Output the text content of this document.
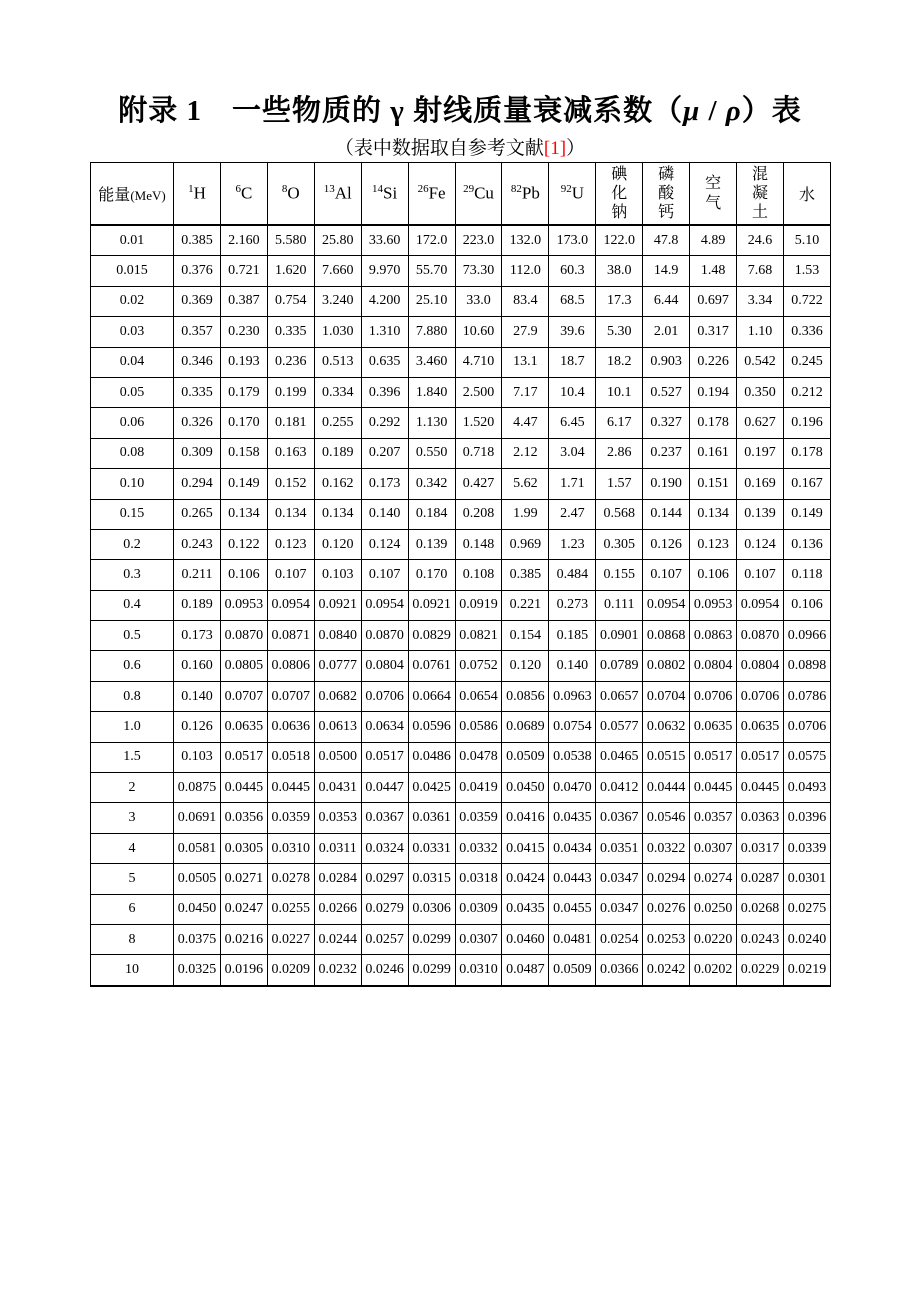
附录 1　一些物质的 γ 射线质量衰减系数（μ / ρ）表
（表中数据取自参考文献[1]）
能量(MeV)	$^1$H	$^6$C	$^8$O	$^{13}$Al	$^{14}$Si	$^{26}$Fe	$^{29}$Cu	$^{82}$Pb	$^{92}$U	碘化钠	磷酸钙	空气	混凝土	水
0.01	0.385	2.160	5.580	25.80	33.60	172.0	223.0	132.0	173.0	122.0	47.8	4.89	24.6	5.10
0.015	0.376	0.721	1.620	7.660	9.970	55.70	73.30	112.0	60.3	38.0	14.9	1.48	7.68	1.53
0.02	0.369	0.387	0.754	3.240	4.200	25.10	33.0	83.4	68.5	17.3	6.44	0.697	3.34	0.722
0.03	0.357	0.230	0.335	1.030	1.310	7.880	10.60	27.9	39.6	5.30	2.01	0.317	1.10	0.336
0.04	0.346	0.193	0.236	0.513	0.635	3.460	4.710	13.1	18.7	18.2	0.903	0.226	0.542	0.245
0.05	0.335	0.179	0.199	0.334	0.396	1.840	2.500	7.17	10.4	10.1	0.527	0.194	0.350	0.212
0.06	0.326	0.170	0.181	0.255	0.292	1.130	1.520	4.47	6.45	6.17	0.327	0.178	0.627	0.196
0.08	0.309	0.158	0.163	0.189	0.207	0.550	0.718	2.12	3.04	2.86	0.237	0.161	0.197	0.178
0.10	0.294	0.149	0.152	0.162	0.173	0.342	0.427	5.62	1.71	1.57	0.190	0.151	0.169	0.167
0.15	0.265	0.134	0.134	0.134	0.140	0.184	0.208	1.99	2.47	0.568	0.144	0.134	0.139	0.149
0.2	0.243	0.122	0.123	0.120	0.124	0.139	0.148	0.969	1.23	0.305	0.126	0.123	0.124	0.136
0.3	0.211	0.106	0.107	0.103	0.107	0.170	0.108	0.385	0.484	0.155	0.107	0.106	0.107	0.118
0.4	0.189	0.0953	0.0954	0.0921	0.0954	0.0921	0.0919	0.221	0.273	0.111	0.0954	0.0953	0.0954	0.106
0.5	0.173	0.0870	0.0871	0.0840	0.0870	0.0829	0.0821	0.154	0.185	0.0901	0.0868	0.0863	0.0870	0.0966
0.6	0.160	0.0805	0.0806	0.0777	0.0804	0.0761	0.0752	0.120	0.140	0.0789	0.0802	0.0804	0.0804	0.0898
0.8	0.140	0.0707	0.0707	0.0682	0.0706	0.0664	0.0654	0.0856	0.0963	0.0657	0.0704	0.0706	0.0706	0.0786
1.0	0.126	0.0635	0.0636	0.0613	0.0634	0.0596	0.0586	0.0689	0.0754	0.0577	0.0632	0.0635	0.0635	0.0706
1.5	0.103	0.0517	0.0518	0.0500	0.0517	0.0486	0.0478	0.0509	0.0538	0.0465	0.0515	0.0517	0.0517	0.0575
2	0.0875	0.0445	0.0445	0.0431	0.0447	0.0425	0.0419	0.0450	0.0470	0.0412	0.0444	0.0445	0.0445	0.0493
3	0.0691	0.0356	0.0359	0.0353	0.0367	0.0361	0.0359	0.0416	0.0435	0.0367	0.0546	0.0357	0.0363	0.0396
4	0.0581	0.0305	0.0310	0.0311	0.0324	0.0331	0.0332	0.0415	0.0434	0.0351	0.0322	0.0307	0.0317	0.0339
5	0.0505	0.0271	0.0278	0.0284	0.0297	0.0315	0.0318	0.0424	0.0443	0.0347	0.0294	0.0274	0.0287	0.0301
6	0.0450	0.0247	0.0255	0.0266	0.0279	0.0306	0.0309	0.0435	0.0455	0.0347	0.0276	0.0250	0.0268	0.0275
8	0.0375	0.0216	0.0227	0.0244	0.0257	0.0299	0.0307	0.0460	0.0481	0.0254	0.0253	0.0220	0.0243	0.0240
10	0.0325	0.0196	0.0209	0.0232	0.0246	0.0299	0.0310	0.0487	0.0509	0.0366	0.0242	0.0202	0.0229	0.0219
